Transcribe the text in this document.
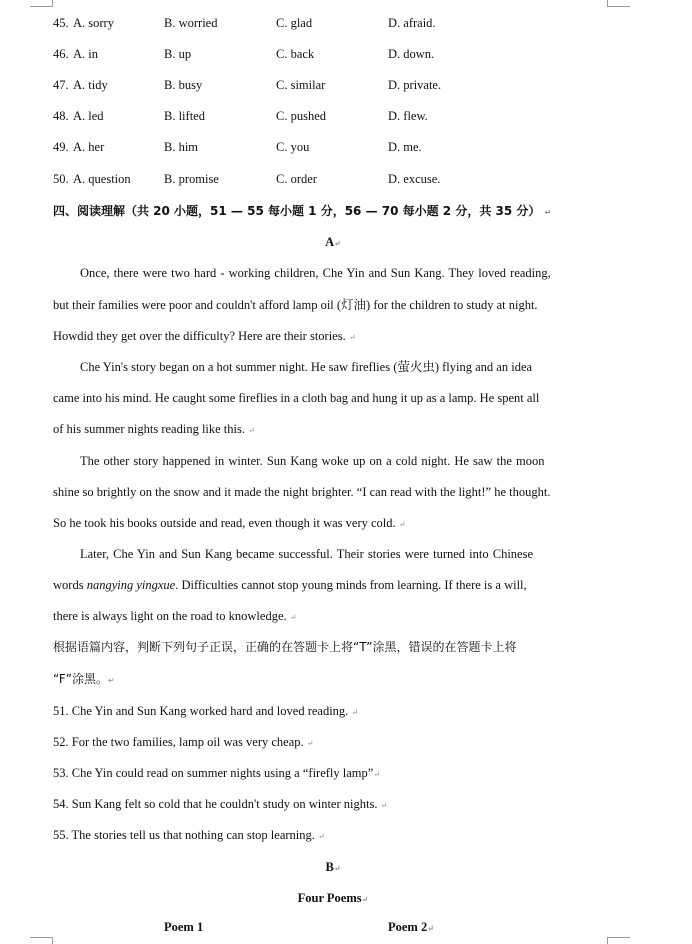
45. A. sorry	B. worried	C. glad	D. afraid.
46. A. in	B. up	C. back	D. down.
47. A. tidy	B. busy	C. similar	D. private.
48. A. led	B. lifted	C. pushed	D. flew.
49. A. her	B. him	C. you	D. me.
50. A. question	B. promise	C. order	D. excuse.
四、阅读理解（共 20 小题，51 — 55 每小题 1 分，56 — 70 每小题 2 分，共 35 分） ↵
A↵
Once, there were two hard - working children, Che Yin and Sun Kang. They loved reading,
but their families were poor and couldn't afford lamp oil (灯油) for the children to study at night.
Howdid they get over the difficulty? Here are their stories. ↵
Che Yin's story began on a hot summer night. He saw fireflies (萤火虫) flying and an idea
came into his mind. He caught some fireflies in a cloth bag and hung it up as a lamp. He spent all
of his summer nights reading like this. ↵
The other story happened in winter. Sun Kang woke up on a cold night. He saw the moon
shine so brightly on the snow and it made the night brighter. “I can read with the light!” he thought.
So he took his books outside and read, even though it was very cold. ↵
Later, Che Yin and Sun Kang became successful. Their stories were turned into Chinese
words nangying yingxue. Difficulties cannot stop young minds from learning. If there is a will,
there is always light on the road to knowledge. ↵
根据语篇内容，判断下列句子正误，正确的在答题卡上将“T”涂黑，错误的在答题卡上将
“F”涂黑。↵
51. Che Yin and Sun Kang worked hard and loved reading. ↵
52. For the two families, lamp oil was very cheap. ↵
53. Che Yin could read on summer nights using a “firefly lamp”↵
54. Sun Kang felt so cold that he couldn't study on winter nights. ↵
55. The stories tell us that nothing can stop learning. ↵
B↵
Four Poems↵
Poem 1	Poem 2↵
